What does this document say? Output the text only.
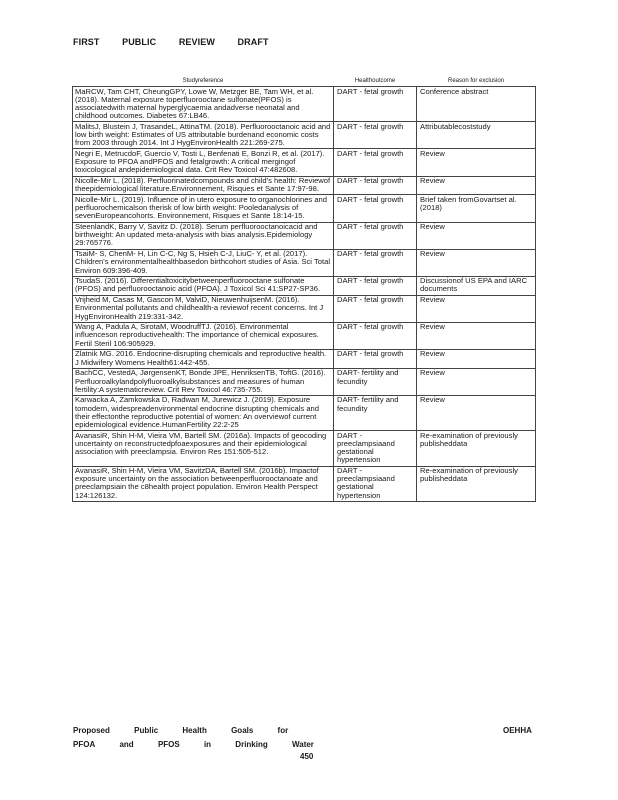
FIRST	PUBLIC	REVIEW	DRAFT
Studyreference	Healthoutcome	Reason for exclusion
MaRCW, Tam CHT, CheungGPY, Lowe W, Metzger BE, Tam WH, et al. (2018). Maternal exposure toperfluorooctane sulfonate(PFOS) is associatedwith maternal hyperglycaemia andadverse neonatal and childhood outcomes. Diabetes 67:LB46.	DART - fetal growth	Conference abstract
MalitsJ, Blustein J, TrasandeL, AttinaTM. (2018). Perfluorooctanoic acid and low birth weight: Estimates of US attributable burdenand economic costs from 2003 through 2014. Int J HygEnvironHealth 221:269-275.	DART - fetal growth	Attributablecoststudy
Negri E, MetrucdoF, Guercio V, Tosti L, Benfenati E, Bonzi R, et al. (2017). Exposure to PFOA andPFOS and fetalgrowth: A critical mergingof toxicological andepidemiological data. Crit Rev Toxicol 47:482608.	DART - fetal growth	Review
Nicolle-Mir L. (2018). Perfluorinatedcompounds and child's health: Reviewof theepidemiological literature.Environnement, Risques et Sante 17:97-98.	DART - fetal growth	Review
Nicolle-Mir L. (2019). Influence of in utero exposure to organochlorines and perfluorochemicalson therisk of low birth weight: Pooledanalysis of sevenEuropeancohorts. Environnement, Risques et Sante 18:14-15.	DART - fetal growth	Brief taken fromGovartset al. (2018)
SteenlandK, Barry V, Savitz D. (2018). Serum perfluorooctanoicacid and birthweight: An updated meta-analysis with bias analysis.Epidemiology 29:765776.	DART - fetal growth	Review
TsaiM- S, ChenM- H, Lin C-C, Ng S, Hsieh C-J, LiuC- Y, et al. (2017). Children's environmentalhealthbasedon birthcohort studies of Asia. Sci Total Environ 609:396-409.	DART - fetal growth	Review
TsudaS. (2016). Differentialtoxicitybetweenperfluorooctane sulfonate (PFOS) and perfluorooctanoic acid (PFOA). J Toxicol Sci 41:SP27-SP36.	DART - fetal growth	Discussionof US EPA and IARC documents
Vrijheid M, Casas M, Gascon M, ValviD, NieuwenhuijsenM. (2016). Environmental pollutants and childhealth-a reviewof recent concerns. Int J HygEnvironHealth 219:331-342.	DART - fetal growth	Review
Wang A, Padula A, SirotaM, WoodruffTJ. (2016). Environmental influenceson reproductivehealth: The importance of chemical exposures. Fertil Steril 106:905929.	DART - fetal growth	Review
Zlatnik MG. 2016. Endocrine-disrupting chemicals and reproductive health. J Midwifery Womens Health61:442-455.	DART - fetal growth	Review
BachCC, VestedA, JørgensenKT, Bonde JPE, HenriksenTB, ToftG. (2016). Perfluoroalkylandpolyfluoroalkylsubstances and measures of human fertility:A systematicreview. Crit Rev Toxicol 46:735-755.	DART- fertility and fecundity	Review
Karwacka A, Zamkowska D, Radwan M, Jurewicz J. (2019). Exposure tomodern, widespreadenvironmental endocrine disrupting chemicals and their effectonthe reproductive potential of women: An overviewof current epidemiological evidence.HumanFertility 22:2-25	DART- fertility and fecundity	Review
AvanasiR, Shin H-M, Vieira VM, Bartell SM. (2016a). Impacts of geocoding uncertainty on reconstructedpfoaexposures and their epidemiological association with preeclampsia. Environ Res 151:505-512.	DART - preeclampsiaand gestational hypertension	Re-examination of previously publisheddata
AvanasiR, Shin H-M, Vieira VM, SavitzDA, Bartell SM. (2016b). Impactof exposure uncertainty on the association betweenperfluorooctanoate and preeclampsiain the c8health project population. Environ Health Perspect 124:126132.	DART - preeclampsiaand gestational hypertension	Re-examination of previously publisheddata
Proposed	Public	Health	Goals	for
PFOA	and	PFOS	in	Drinking	Water
OEHHA
450
